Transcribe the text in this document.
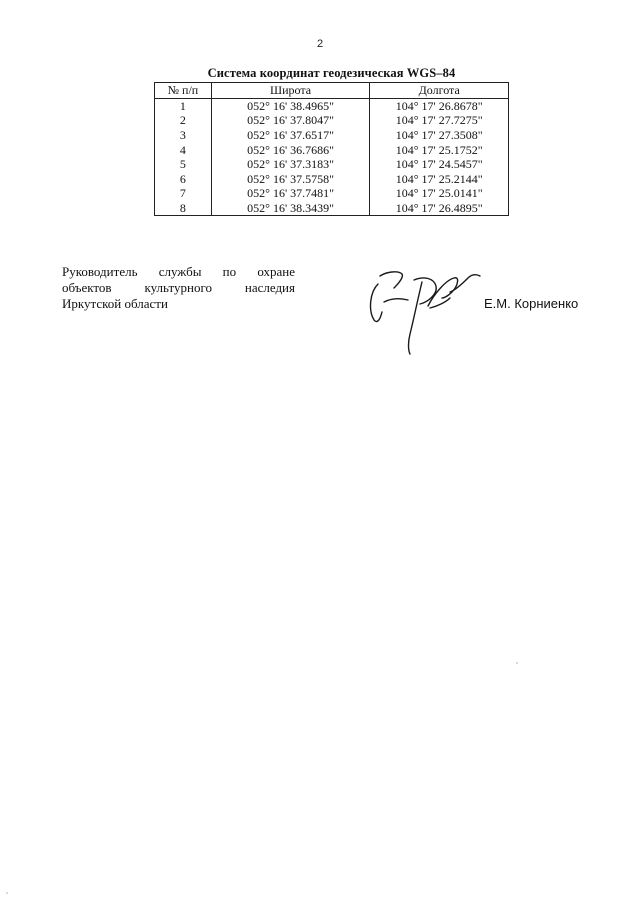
2
Система координат геодезическая WGS–84
№ п/п	Широта	Долгота
1	052° 16' 38.4965"	104° 17' 26.8678"
2	052° 16' 37.8047"	104° 17' 27.7275"
3	052° 16' 37.6517"	104° 17' 27.3508"
4	052° 16' 36.7686"	104° 17' 25.1752"
5	052° 16' 37.3183"	104° 17' 24.5457"
6	052° 16' 37.5758"	104° 17' 25.2144"
7	052° 16' 37.7481"	104° 17' 25.0141"
8	052° 16' 38.3439"	104° 17' 26.4895"
Руководитель службы по охране
объектов культурного наследия
Иркутской области	Е.М. Корниенко
